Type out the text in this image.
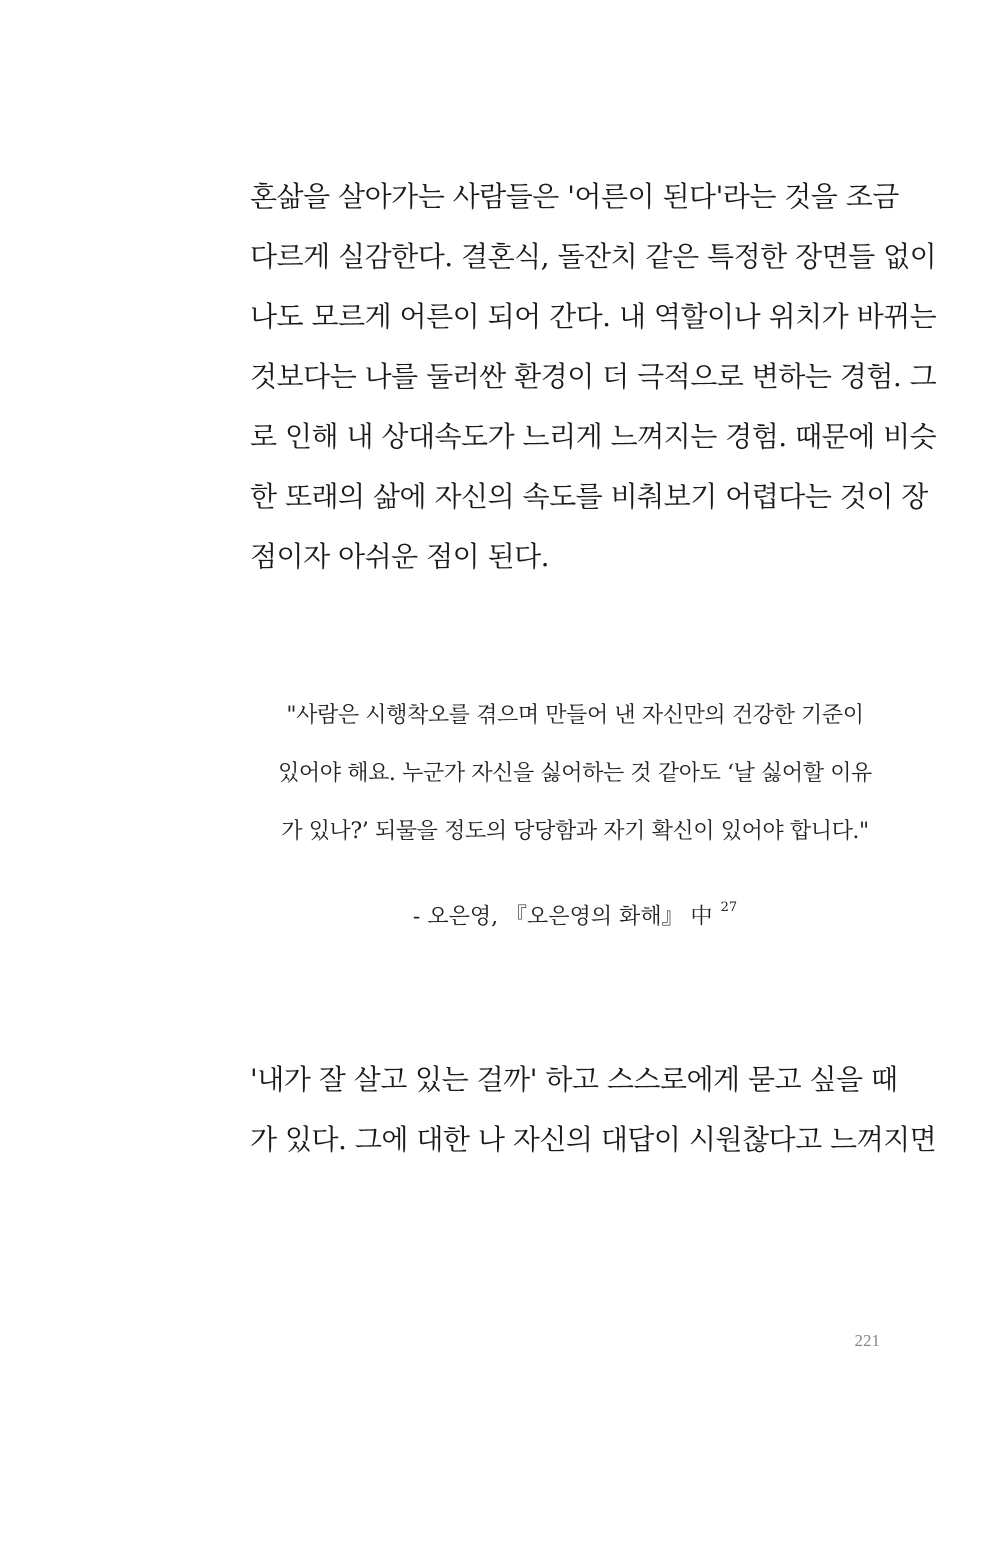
혼삶을 살아가는 사람들은 '어른이 된다'라는 것을 조금
다르게 실감한다. 결혼식, 돌잔치 같은 특정한 장면들 없이
나도 모르게 어른이 되어 간다. 내 역할이나 위치가 바뀌는
것보다는 나를 둘러싼 환경이 더 극적으로 변하는 경험. 그
로 인해 내 상대속도가 느리게 느껴지는 경험. 때문에 비슷
한 또래의 삶에 자신의 속도를 비춰보기 어렵다는 것이 장
점이자 아쉬운 점이 된다.

"사람은 시행착오를 겪으며 만들어 낸 자신만의 건강한 기준이
있어야 해요. 누군가 자신을 싫어하는 것 같아도 ‘날 싫어할 이유
가 있나?’ 되물을 정도의 당당함과 자기 확신이 있어야 합니다."
- 오은영, 『오은영의 화해』 中 $^{27}$

'내가 잘 살고 있는 걸까' 하고 스스로에게 묻고 싶을 때
가 있다. 그에 대한 나 자신의 대답이 시원찮다고 느껴지면

221
